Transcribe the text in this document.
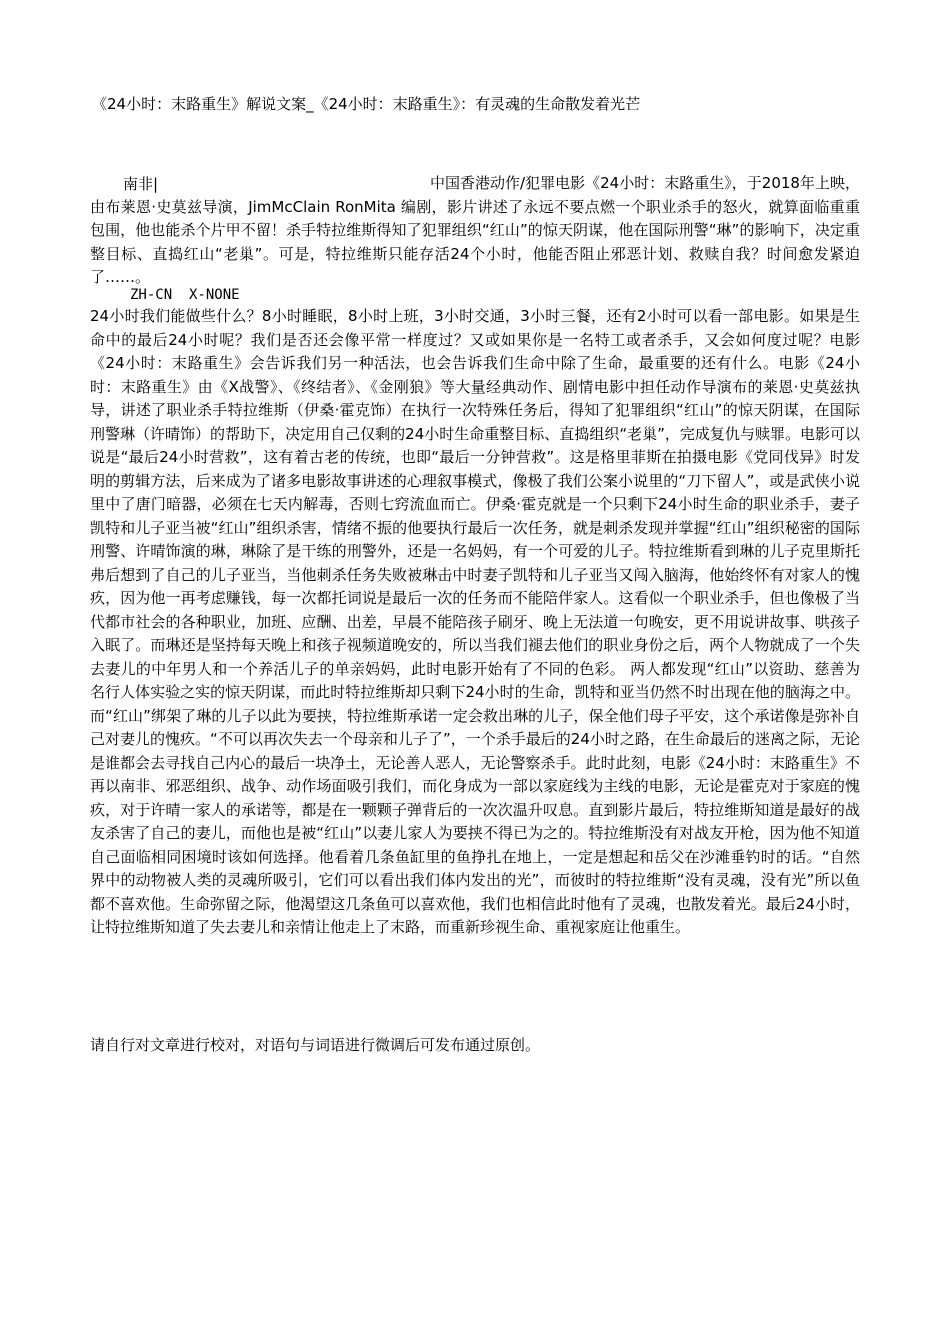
《24小时：末路重生》解说文案_《24小时：末路重生》：有灵魂的生命散发着光芒
南非|	中国香港动作/犯罪电影《24小时：末路重生》，于2018年上映，由布莱恩·史莫兹导演，JimMcClain RonMita 编剧，影片讲述了永远不要点燃一个职业杀手的怒火，就算面临重重包围，他也能杀个片甲不留！杀手特拉维斯得知了犯罪组织“红山”的惊天阴谋，他在国际刑警“琳”的影响下，决定重整目标、直捣红山“老巢”。可是，特拉维斯只能存活24个小时，他能否阻止邪恶计划、救赎自我？时间愈发紧迫了……。
ZH-CN  X-NONE
24小时我们能做些什么？8小时睡眠，8小时上班，3小时交通，3小时三餐，还有2小时可以看一部电影。如果是生命中的最后24小时呢？我们是否还会像平常一样度过？又或如果你是一名特工或者杀手，又会如何度过呢？电影《24小时：末路重生》会告诉我们另一种活法，也会告诉我们生命中除了生命，最重要的还有什么。电影《24小时：末路重生》由《X战警》、《终结者》、《金刚狼》等大量经典动作、剧情电影中担任动作导演布的莱恩·史莫兹执导，讲述了职业杀手特拉维斯（伊桑·霍克饰）在执行一次特殊任务后，得知了犯罪组织“红山”的惊天阴谋，在国际刑警琳（许晴饰）的帮助下，决定用自己仅剩的24小时生命重整目标、直捣组织“老巢”，完成复仇与赎罪。电影可以说是“最后24小时营救”，这有着古老的传统，也即“最后一分钟营救”。这是格里菲斯在拍摄电影《党同伐异》时发明的剪辑方法，后来成为了诸多电影故事讲述的心理叙事模式，像极了我们公案小说里的“刀下留人”，或是武侠小说里中了唐门暗器，必须在七天内解毒，否则七窍流血而亡。伊桑·霍克就是一个只剩下24小时生命的职业杀手，妻子凯特和儿子亚当被“红山”组织杀害，情绪不振的他要执行最后一次任务，就是刺杀发现并掌握“红山”组织秘密的国际刑警、许晴饰演的琳，琳除了是干练的刑警外，还是一名妈妈，有一个可爱的儿子。特拉维斯看到琳的儿子克里斯托弗后想到了自己的儿子亚当，当他刺杀任务失败被琳击中时妻子凯特和儿子亚当又闯入脑海，他始终怀有对家人的愧疚，因为他一再考虑赚钱，每一次都托词说是最后一次的任务而不能陪伴家人。这看似一个职业杀手，但也像极了当代都市社会的各种职业，加班、应酬、出差，早晨不能陪孩子刷牙、晚上无法道一句晚安，更不用说讲故事、哄孩子入眠了。而琳还是坚持每天晚上和孩子视频道晚安的，所以当我们褪去他们的职业身份之后，两个人物就成了一个失去妻儿的中年男人和一个养活儿子的单亲妈妈，此时电影开始有了不同的色彩。 两人都发现“红山”以资助、慈善为名行人体实验之实的惊天阴谋，而此时特拉维斯却只剩下24小时的生命，凯特和亚当仍然不时出现在他的脑海之中。而“红山”绑架了琳的儿子以此为要挟，特拉维斯承诺一定会救出琳的儿子，保全他们母子平安，这个承诺像是弥补自己对妻儿的愧疚。“不可以再次失去一个母亲和儿子了”，一个杀手最后的24小时之路，在生命最后的迷离之际，无论是谁都会去寻找自己内心的最后一块净土，无论善人恶人，无论警察杀手。此时此刻，电影《24小时：末路重生》不再以南非、邪恶组织、战争、动作场面吸引我们，而化身成为一部以家庭线为主线的电影，无论是霍克对于家庭的愧疚，对于许晴一家人的承诺等，都是在一颗颗子弹背后的一次次温升叹息。直到影片最后，特拉维斯知道是最好的战友杀害了自己的妻儿，而他也是被“红山”以妻儿家人为要挟不得已为之的。特拉维斯没有对战友开枪，因为他不知道自己面临相同困境时该如何选择。他看着几条鱼缸里的鱼挣扎在地上，一定是想起和岳父在沙滩垂钓时的话。“自然界中的动物被人类的灵魂所吸引，它们可以看出我们体内发出的光”，而彼时的特拉维斯“没有灵魂，没有光”所以鱼都不喜欢他。生命弥留之际，他渴望这几条鱼可以喜欢他，我们也相信此时他有了灵魂，也散发着光。最后24小时，让特拉维斯知道了失去妻儿和亲情让他走上了末路，而重新珍视生命、重视家庭让他重生。
请自行对文章进行校对，对语句与词语进行微调后可发布通过原创。
